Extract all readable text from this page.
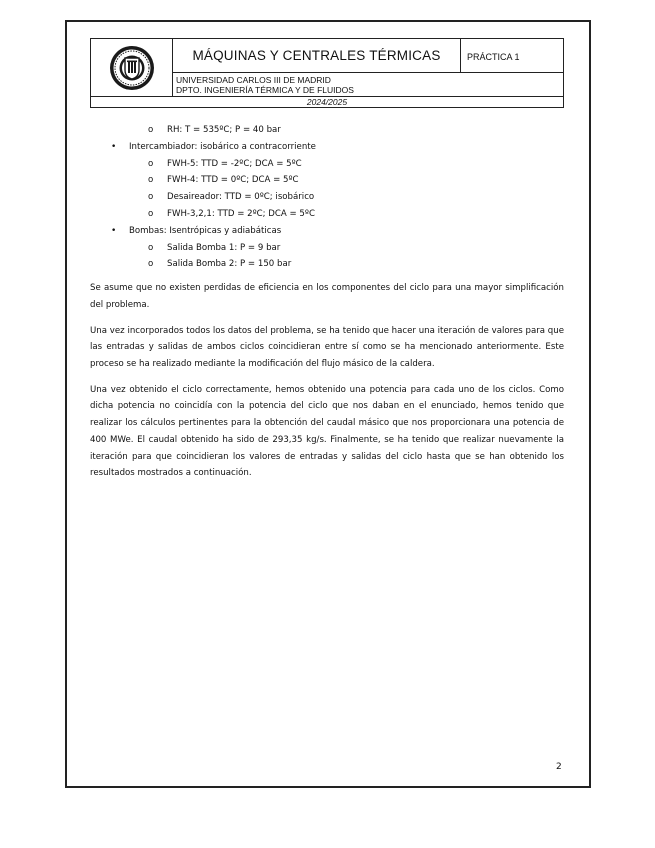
MÁQUINAS Y CENTRALES TÉRMICAS	PRÁCTICA 1
UNIVERSIDAD CARLOS III DE MADRID
DPTO. INGENIERÍA TÉRMICA Y DE FLUIDOS
2024/2025
o RH: T = 535ºC; P = 40 bar
• Intercambiador: isobárico a contracorriente
o FWH-5: TTD = -2ºC; DCA = 5ºC
o FWH-4: TTD = 0ºC; DCA = 5ºC
o Desaireador: TTD = 0ºC; isobárico
o FWH-3,2,1: TTD = 2ºC; DCA = 5ºC
• Bombas: Isentrópicas y adiabáticas
o Salida Bomba 1: P = 9 bar
o Salida Bomba 2: P = 150 bar

Se asume que no existen perdidas de eficiencia en los componentes del ciclo para una mayor simplificación del problema.

Una vez incorporados todos los datos del problema, se ha tenido que hacer una iteración de valores para que las entradas y salidas de ambos ciclos coincidieran entre sí como se ha mencionado anteriormente. Este proceso se ha realizado mediante la modificación del flujo másico de la caldera.

Una vez obtenido el ciclo correctamente, hemos obtenido una potencia para cada uno de los ciclos. Como dicha potencia no coincidía con la potencia del ciclo que nos daban en el enunciado, hemos tenido que realizar los cálculos pertinentes para la obtención del caudal másico que nos proporcionara una potencia de 400 MWe. El caudal obtenido ha sido de 293,35 kg/s. Finalmente, se ha tenido que realizar nuevamente la iteración para que coincidieran los valores de entradas y salidas del ciclo hasta que se han obtenido los resultados mostrados a continuación.

2
